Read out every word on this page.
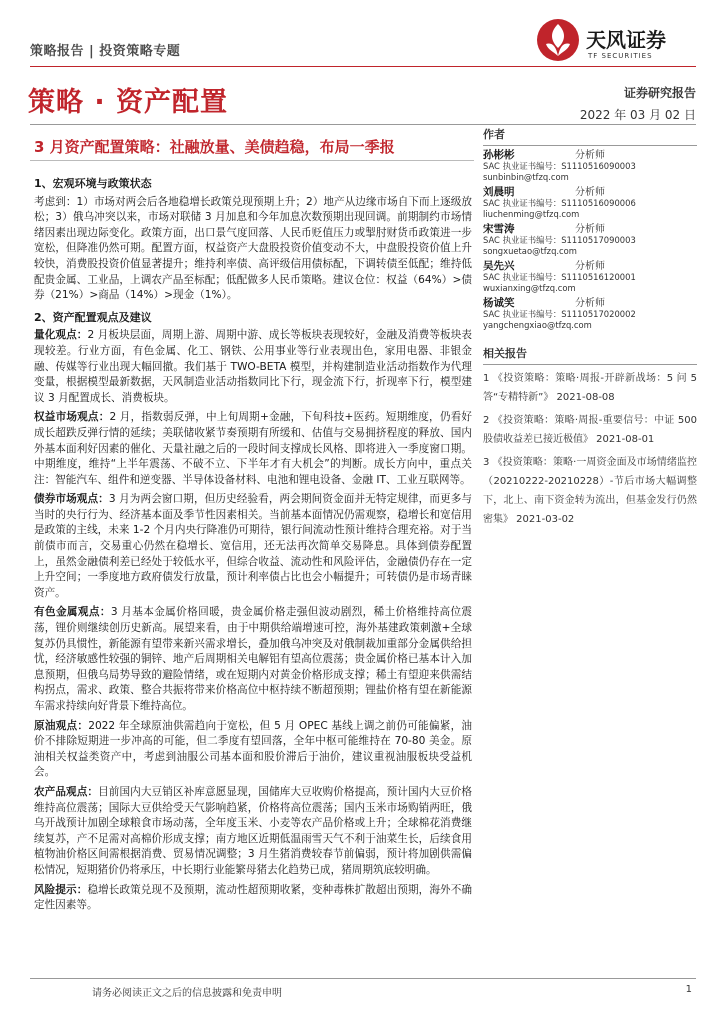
策略报告 | 投资策略专题	天风证券
TF SECURITIES
策略 · 资产配置	证券研究报告
2022 年 03 月 02 日
3 月资产配置策略：社融放量、美债趋稳，布局一季报
1、宏观环境与政策状态

考虑到：1）市场对两会后各地稳增长政策兑现预期上升；2）地产从边缘市场自下而上逐级放松；3）俄乌冲突以来，市场对联储 3 月加息和今年加息次数预期出现回调。前期制约市场情绪因素出现边际变化。政策方面，出口景气度回落、人民币贬值压力或掣肘财货币政策进一步宽松，但降准仍然可期。配置方面，权益资产大盘股投资价值变动不大，中盘股投资价值上升较快，消费股投资价值显著提升；维持利率债、高评级信用债标配，下调转债至低配；维持低配贵金属、工业品，上调农产品至标配；低配做多人民币策略。建议仓位：权益（64%）>债券（21%）>商品（14%）>现金（1%）。

2、资产配置观点及建议

量化观点：2 月板块层面，周期上游、周期中游、成长等板块表现较好，金融及消费等板块表现较差。行业方面，有色金属、化工、钢铁、公用事业等行业表现出色，家用电器、非银金融、传媒等行业出现大幅回撤。我们基于 TWO-BETA 模型，并构建制造业活动指数作为代理变量，根据模型最新数据，天风制造业活动指数同比下行，现金流下行，折现率下行，模型建议 3 月配置成长、消费板块。

权益市场观点：2 月，指数弱反弹，中上旬周期+金融，下旬科技+医药。短期维度，仍看好成长超跌反弹行情的延续；美联储收紧节奏预期有所缓和、估值与交易拥挤程度的释放、国内外基本面利好因素的催化、天量社融之后的一段时间支撑成长风格、即将进入一季度窗口期。中期维度，维持“上半年震荡、不破不立、下半年才有大机会”的判断。成长方向中，重点关注：智能汽车、组件和逆变器、半导体设备材料、电池和锂电设备、金融 IT、工业互联网等。

债券市场观点：3 月为两会窗口期，但历史经验看，两会期间资金面并无特定规律，而更多与当时的央行行为、经济基本面及季节性因素相关。当前基本面情况仍需观察，稳增长和宽信用是政策的主线，未来 1-2 个月内央行降准仍可期待，银行间流动性预计维持合理充裕。对于当前债市而言，交易重心仍然在稳增长、宽信用，还无法再次简单交易降息。具体到债券配置上，虽然金融债利差已经处于较低水平，但综合收益、流动性和风险评估，金融债仍存在一定上升空间；一季度地方政府债发行放量，预计利率债占比也会小幅提升；可转债仍是市场青睐资产。

有色金属观点：3 月基本金属价格回暖，贵金属价格走强但波动剧烈，稀土价格维持高位震荡，锂价则继续创历史新高。展望来看，由于中期供给端增速可控，海外基建政策刺激+全球复苏仍具惯性，新能源有望带来新兴需求增长，叠加俄乌冲突及对俄制裁加重部分金属供给担忧，经济敏感性较强的铜锌、地产后周期相关电解铝有望高位震荡；贵金属价格已基本计入加息预期，但俄乌局势导致的避险情绪，或在短期内对黄金价格形成支撑；稀土有望迎来供需结构拐点，需求、政策、整合共振将带来价格高位中枢持续不断超预期；锂盐价格有望在新能源车需求持续向好背景下维持高位。

原油观点：2022 年全球原油供需趋向于宽松，但 5 月 OPEC 基线上调之前仍可能偏紧，油价不排除短期进一步冲高的可能，但二季度有望回落，全年中枢可能维持在 70-80 美金。原油相关权益类资产中，考虑到油服公司基本面和股价滞后于油价，建议重视油服板块受益机会。

农产品观点：目前国内大豆销区补库意愿显现，国储库大豆收购价格提高，预计国内大豆价格维持高位震荡；国际大豆供给受天气影响趋紧，价格将高位震荡；国内玉米市场购销两旺，俄乌开战预计加剧全球粮食市场动荡，全年度玉米、小麦等农产品价格或上升；全球棉花消费继续复苏，产不足需对高棉价形成支撑；南方地区近期低温雨雪天气不利于油菜生长，后续食用植物油价格区间需根据消费、贸易情况调整；3 月生猪消费较春节前偏弱，预计将加剧供需偏松情况，短期猪价仍将承压，中长期行业能繁母猪去化趋势已成，猪周期筑底较明确。

风险提示：稳增长政策兑现不及预期，流动性超预期收紧，变种毒株扩散超出预期，海外不确定性因素等。

作者
孙彬彬	分析师
SAC 执业证书编号：S1110516090003
sunbinbin@tfzq.com
刘晨明	分析师
SAC 执业证书编号：S1110516090006
liuchenming@tfzq.com
宋雪涛	分析师
SAC 执业证书编号：S1110517090003
songxuetao@tfzq.com
吴先兴	分析师
SAC 执业证书编号：S1110516120001
wuxianxing@tfzq.com
杨诚笑	分析师
SAC 执业证书编号：S1110517020002
yangchengxiao@tfzq.com
相关报告
1 《投资策略：策略·周报-开辟新战场：5 问 5 答“专精特新”》 2021-08-08
2 《投资策略：策略·周报-重要信号：中证 500 股债收益差已接近极值》 2021-08-01
3 《投资策略：策略·一周资金面及市场情绪监控（20210222-20210228）-节后市场大幅调整下，北上、南下资金转为流出，但基金发行仍然密集》 2021-03-02
请务必阅读正文之后的信息披露和免责申明	1
